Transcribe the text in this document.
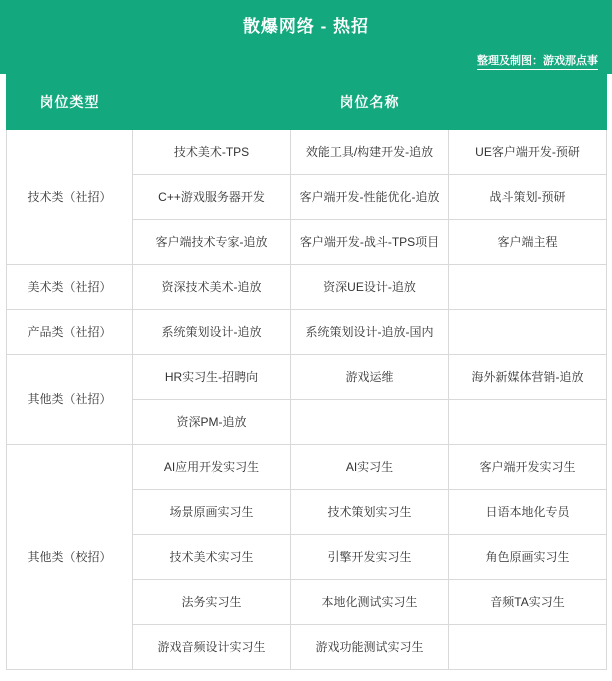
散爆网络 - 热招
整理及制图：游戏那点事
岗位类型	岗位名称		
技术类（社招）	技术美术-TPS	效能工具/构建开发-追放	UE客户端开发-预研
	C++游戏服务器开发	客户端开发-性能优化-追放	战斗策划-预研
	客户端技术专家-追放	客户端开发-战斗-TPS项目	客户端主程
美术类（社招）	资深技术美术-追放	资深UE设计-追放	
产品类（社招）	系统策划设计-追放	系统策划设计-追放-国内	
其他类（社招）	HR实习生-招聘向	游戏运维	海外新媒体营销-追放
	资深PM-追放		
其他类（校招）	AI应用开发实习生	AI实习生	客户端开发实习生
	场景原画实习生	技术策划实习生	日语本地化专员
	技术美术实习生	引擎开发实习生	角色原画实习生
	法务实习生	本地化测试实习生	音频TA实习生
	游戏音频设计实习生	游戏功能测试实习生	
